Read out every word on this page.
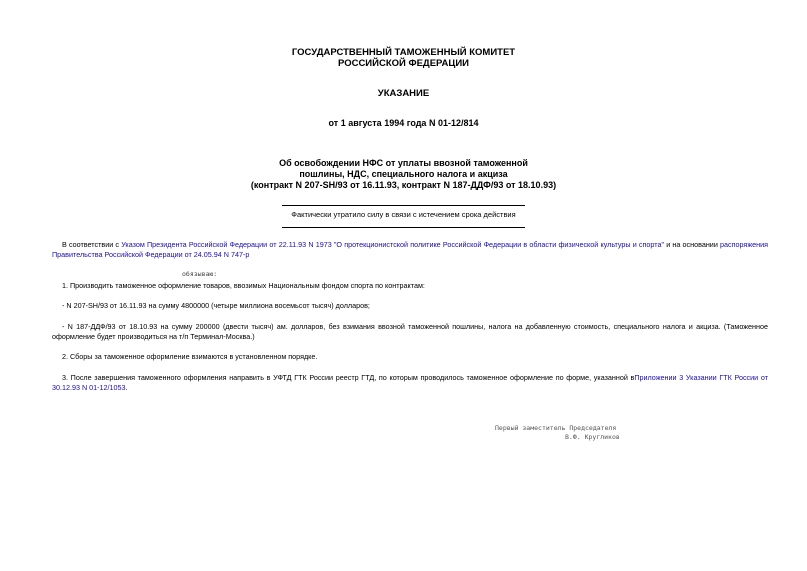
ГОСУДАРСТВЕННЫЙ ТАМОЖЕННЫЙ КОМИТЕТ
РОССИЙСКОЙ ФЕДЕРАЦИИ
УКАЗАНИЕ
от 1 августа 1994 года N 01-12/814
Об освобождении НФС от уплаты ввозной таможенной
пошлины, НДС, специального налога и акциза
(контракт N 207-SH/93 от 16.11.93, контракт N 187-ДДФ/93 от 18.10.93)
Фактически утратило силу в связи с истечением срока действия
В соответствии с Указом Президента Российской Федерации от 22.11.93 N 1973 "О протекционистской политике Российской Федерации в области физической культуры и спорта" и на основании распоряжения Правительства Российской Федерации от 24.05.94 N 747-р
обязываю:
1. Производить таможенное оформление товаров, ввозимых Национальным фондом спорта по контрактам:
- N 207-SH/93 от 16.11.93 на сумму 4800000 (четыре миллиона восемьсот тысяч) долларов;
- N 187-ДДФ/93 от 18.10.93 на сумму 200000 (двести тысяч) ам. долларов, без взимания ввозной таможенной пошлины, налога на добавленную стоимость, специального налога и акциза. (Таможенное оформление будет производиться на т/п Терминал-Москва.)
2. Сборы за таможенное оформление взимаются в установленном порядке.
3. После завершения таможенного оформления направить в УФТД ГТК России реестр ГТД, по которым проводилось таможенное оформление по форме, указанной вПриложении 3 Указании ГТК России от 30.12.93 N 01-12/1053.
Первый заместитель Председателя
В.Ф. Кругликов
